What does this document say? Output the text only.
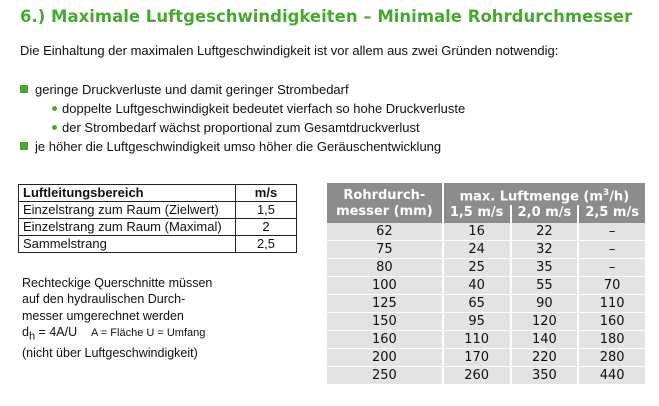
6.) Maximale Luftgeschwindigkeiten – Minimale Rohrdurchmesser
Die Einhaltung der maximalen Luftgeschwindigkeit ist vor allem aus zwei Gründen notwendig:
geringe Druckverluste und damit geringer Strombedarf
doppelte Luftgeschwindigkeit bedeutet vierfach so hohe Druckverluste
der Strombedarf wächst proportional zum Gesamtdruckverlust
je höher die Luftgeschwindigkeit umso höher die Geräuschentwicklung
Luftleitungsbereich	m/s
Einzelstrang zum Raum (Zielwert)	1,5
Einzelstrang zum Raum (Maximal)	2
Sammelstrang	2,5
Rechteckige Querschnitte müssen
auf den hydraulischen Durch-
messer umgerechnet werden
$d_h = 4A/U$ A = Fläche U = Umfang
(nicht über Luftgeschwindigkeit)
Rohrdurch-
messer (mm)	max. Luftmenge $(m^3/h)$		
	1,5 m/s	2,0 m/s	2,5 m/s
62	16	22	–
75	24	32	–
80	25	35	–
100	40	55	70
125	65	90	110
150	95	120	160
160	110	140	180
200	170	220	280
250	260	350	440
